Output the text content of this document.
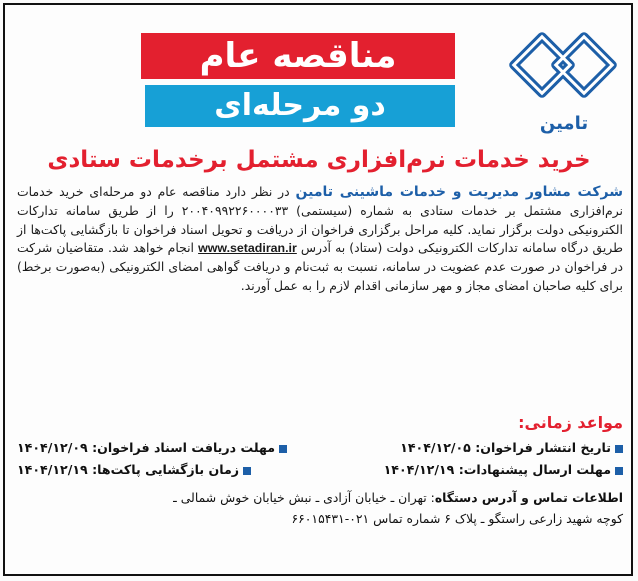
مناقصه عام
دو مرحله‌ای
تامین
خرید خدمات نرم‌افزاری مشتمل برخدمات ستادی
شرکت مشاور مدیریت و خدمات ماشینی تامین در نظر دارد مناقصه عام دو مرحله‌ای خرید خدمات نرم‌افزاری مشتمل بر خدمات ستادی به شماره (سیستمی) ۲۰۰۴۰۹۹۲۲۶۰۰۰۰۳۳ را از طریق سامانه تدارکات الکترونیکی دولت برگزار نماید. کلیه مراحل برگزاری فراخوان از دریافت و تحویل اسناد فراخوان تا بازگشایی پاکت‌ها از طریق درگاه سامانه تدارکات الکترونیکی دولت (ستاد) به آدرس www.setadiran.ir انجام خواهد شد. متقاضیان شرکت در فراخوان در صورت عدم عضویت در سامانه، نسبت به ثبت‌نام و دریافت گواهی امضای الکترونیکی (به‌صورت برخط) برای کلیه صاحبان امضای مجاز و مهر سازمانی اقدام لازم را به عمل آورند.
مواعد زمانی:
تاریخ انتشار فراخوان: ۱۴۰۴/۱۲/۰۵
مهلت دریافت اسناد فراخوان: ۱۴۰۴/۱۲/۰۹
مهلت ارسال پیشنهادات: ۱۴۰۴/۱۲/۱۹
زمان بازگشایی پاکت‌ها: ۱۴۰۴/۱۲/۱۹
اطلاعات تماس و آدرس دستگاه: تهران ـ خیابان آزادی ـ نبش خیابان خوش شمالی ـ
کوچه شهید زارعی راستگو ـ پلاک ۶ شماره تماس ۰۲۱-۶۶۰۱۵۴۳۱
